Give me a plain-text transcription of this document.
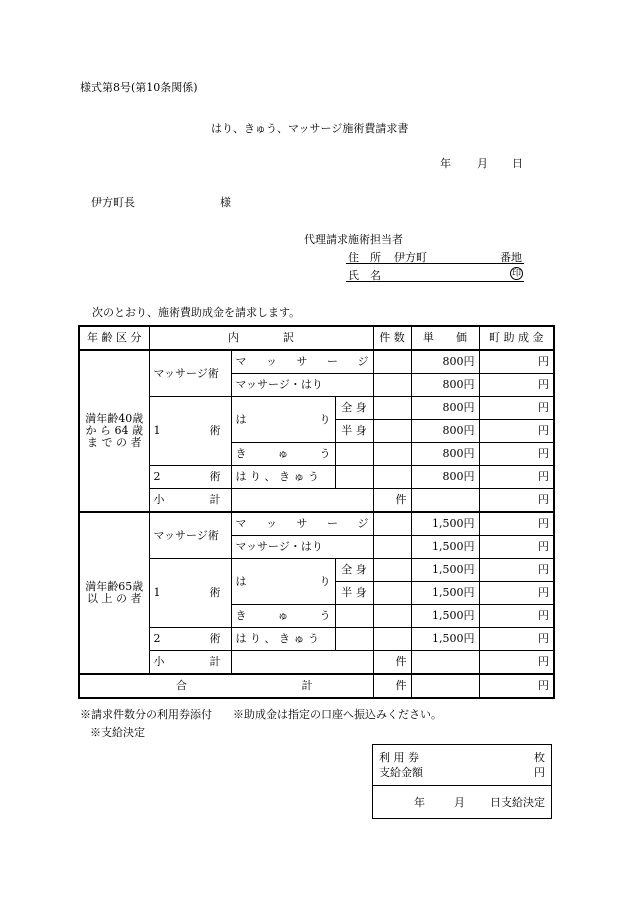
様式第8号(第10条関係)
はり、きゅう、マッサージ施術費請求書
年 月 日
伊方町長	様
代理請求施術担当者
住　所 伊方町	番地
氏　名	印
次のとおり、施術費助成金を請求します。
年 齢 区 分	内　　　　訳			件 数	単　　価	町 助 成 金

満年齢40歳
か ら 64 歳
ま で の 者	マッサージ術	マ ッ サ ー ジ			800円	円
		マッサージ・はり			800円	円
	1 術	は り	全 身		800円	円
			半 身		800円	円

		き ゅ う			800円	円
	2 術	は り 、 き ゅ う			800円	円
	小 計			件		円

満年齢65歳
以 上 の 者	マッサージ術	マ ッ サ ー ジ			1,500円	円
		マッサージ・はり			1,500円	円
	1 術	は り	全 身		1,500円	円
			半 身		1,500円	円

		き ゅ う			1,500円	円
	2 術	は り 、 き ゅ う			1,500円	円
	小 計			件		円
合 計				件		円
※請求件数分の利用券添付 ※助成金は指定の口座へ振込みください。
※支給決定
利 用 券	枚
支給金額	円

年	月 日支給決定
